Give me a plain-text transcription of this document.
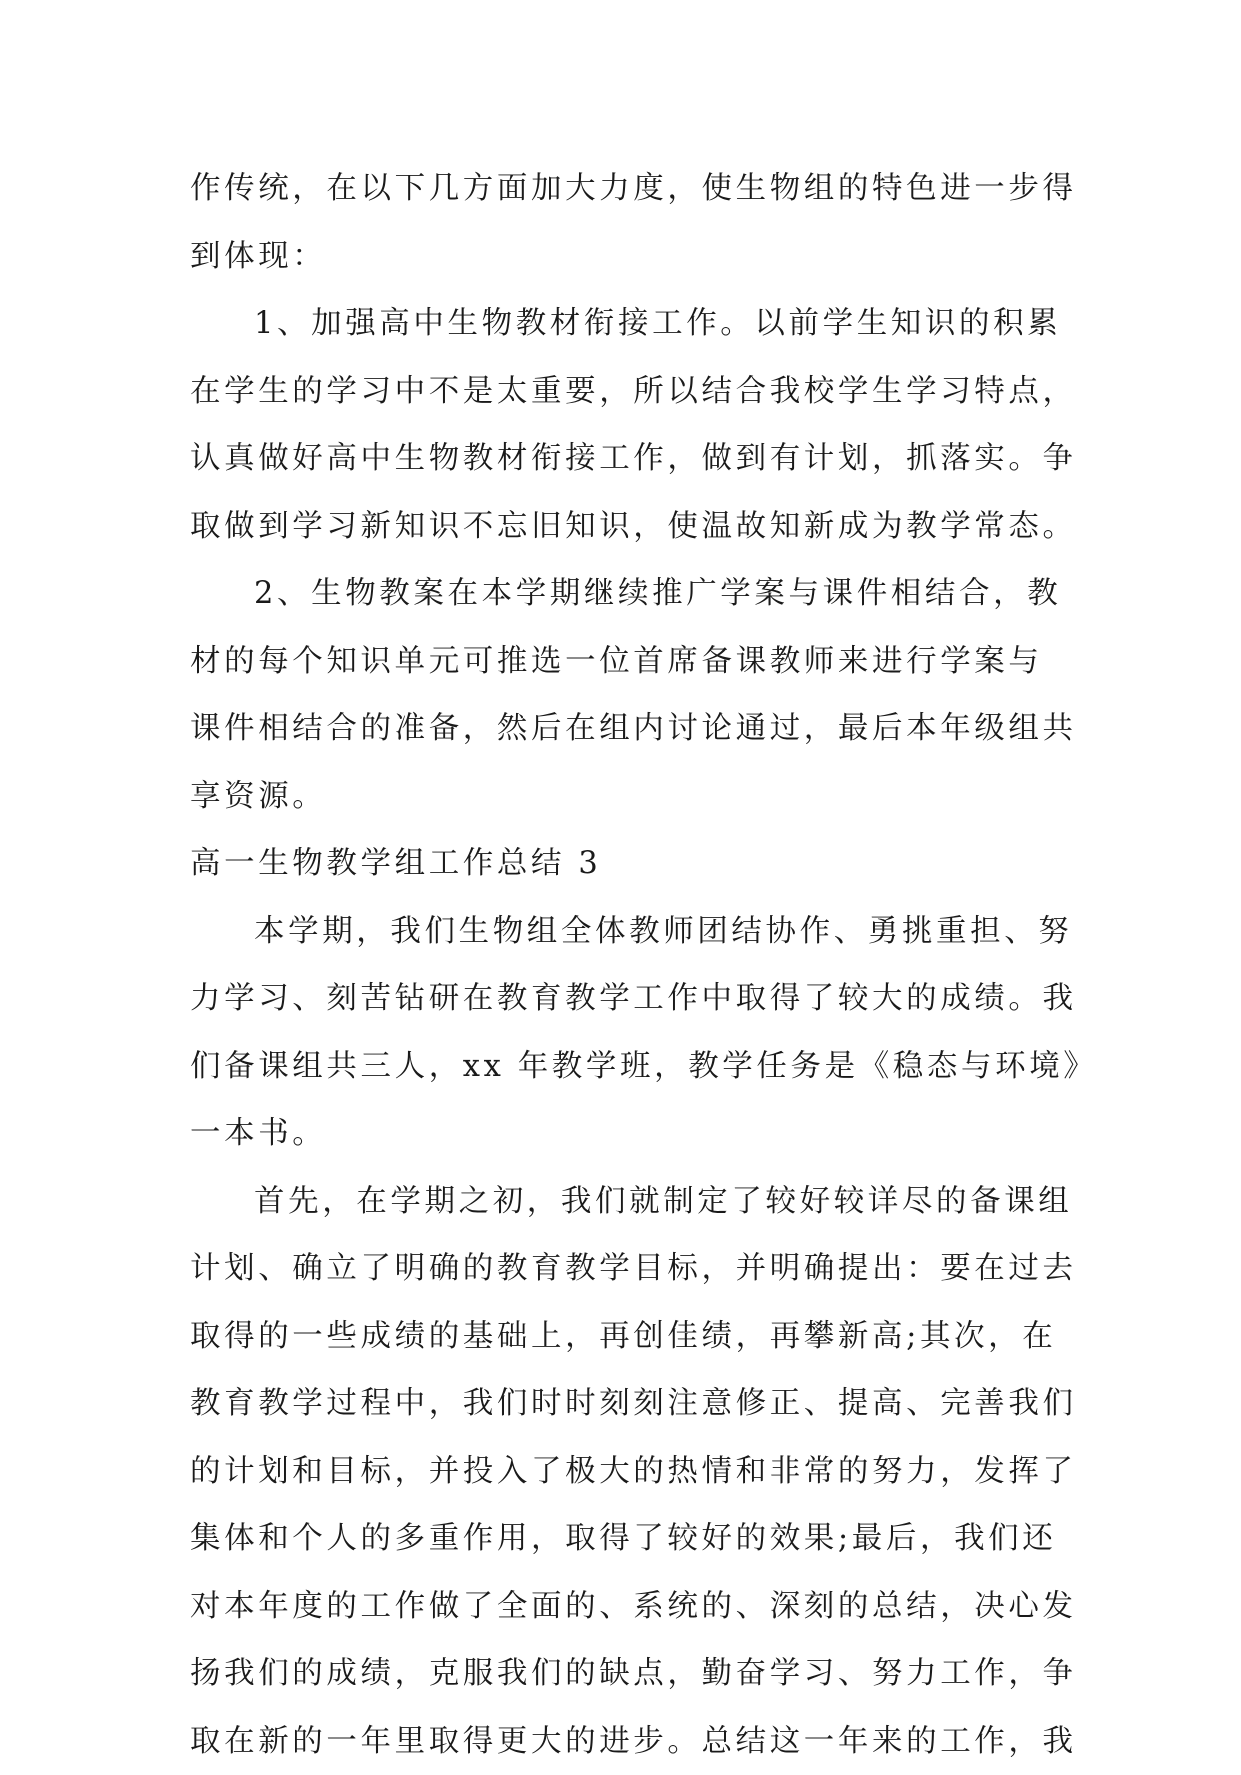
作传统，在以下几方面加大力度，使生物组的特色进一步得
到体现：
1、加强高中生物教材衔接工作。以前学生知识的积累
在学生的学习中不是太重要，所以结合我校学生学习特点，
认真做好高中生物教材衔接工作，做到有计划，抓落实。争
取做到学习新知识不忘旧知识，使温故知新成为教学常态。
2、生物教案在本学期继续推广学案与课件相结合，教
材的每个知识单元可推选一位首席备课教师来进行学案与
课件相结合的准备，然后在组内讨论通过，最后本年级组共
享资源。
高一生物教学组工作总结 3
本学期，我们生物组全体教师团结协作、勇挑重担、努
力学习、刻苦钻研在教育教学工作中取得了较大的成绩。我
们备课组共三人，xx 年教学班，教学任务是《稳态与环境》
一本书。
首先，在学期之初，我们就制定了较好较详尽的备课组
计划、确立了明确的教育教学目标，并明确提出：要在过去
取得的一些成绩的基础上，再创佳绩，再攀新高;其次，在
教育教学过程中，我们时时刻刻注意修正、提高、完善我们
的计划和目标，并投入了极大的热情和非常的努力，发挥了
集体和个人的多重作用，取得了较好的效果;最后，我们还
对本年度的工作做了全面的、系统的、深刻的总结，决心发
扬我们的成绩，克服我们的缺点，勤奋学习、努力工作，争
取在新的一年里取得更大的进步。总结这一年来的工作，我
